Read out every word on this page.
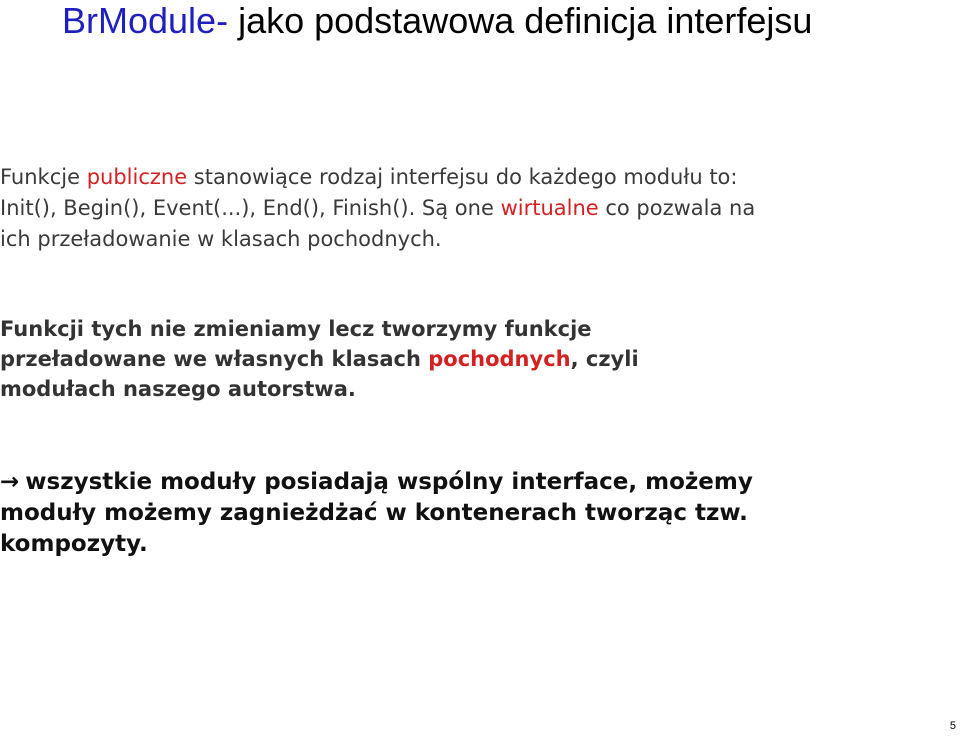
BrModule- jako podstawowa definicja interfejsu
Funkcje publiczne stanowiące rodzaj interfejsu do każdego modułu to:
Init(), Begin(), Event(...), End(), Finish(). Są one wirtualne co pozwala na
ich przeładowanie w klasach pochodnych.
Funkcji tych nie zmieniamy lecz tworzymy funkcje
przeładowane we własnych klasach pochodnych, czyli
modułach naszego autorstwa.
→ wszystkie moduły posiadają wspólny interface, możemy
moduły możemy zagnieżdżać w kontenerach tworząc tzw.
kompozyty.
5
